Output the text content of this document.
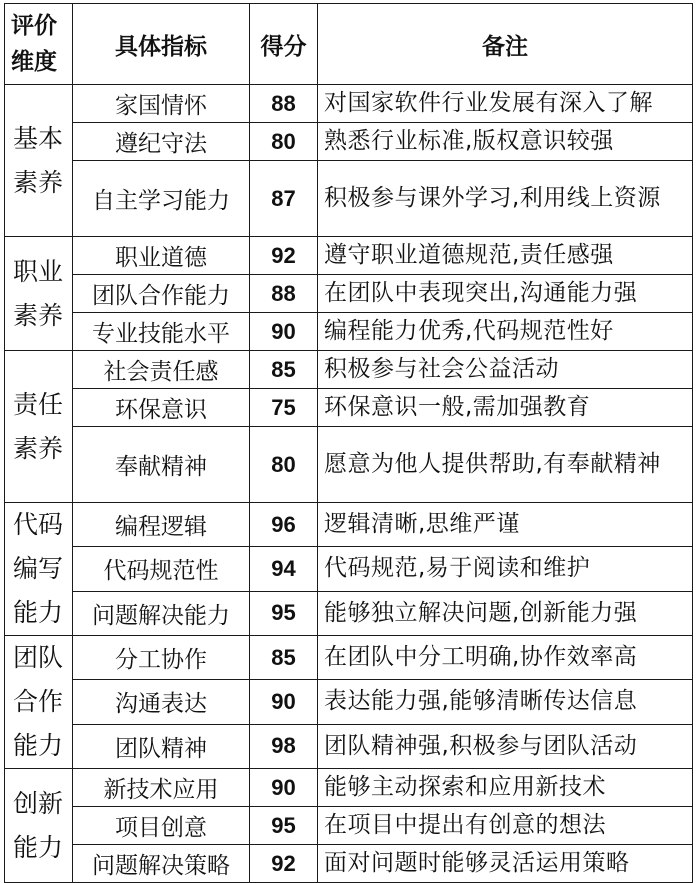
评价维度	具体指标	得分	备注
基本素养	家国情怀	88	对国家软件行业发展有深入了解
	遵纪守法	80	熟悉行业标准,版权意识较强
	自主学习能力	87	积极参与课外学习,利用线上资源
职业素养	职业道德	92	遵守职业道德规范,责任感强
	团队合作能力	88	在团队中表现突出,沟通能力强
	专业技能水平	90	编程能力优秀,代码规范性好
责任素养	社会责任感	85	积极参与社会公益活动
	环保意识	75	环保意识一般,需加强教育
	奉献精神	80	愿意为他人提供帮助,有奉献精神
代码编写能力	编程逻辑	96	逻辑清晰,思维严谨
	代码规范性	94	代码规范,易于阅读和维护
	问题解决能力	95	能够独立解决问题,创新能力强
团队合作能力	分工协作	85	在团队中分工明确,协作效率高
	沟通表达	90	表达能力强,能够清晰传达信息
	团队精神	98	团队精神强,积极参与团队活动
创新能力	新技术应用	90	能够主动探索和应用新技术
	项目创意	95	在项目中提出有创意的想法
	问题解决策略	92	面对问题时能够灵活运用策略
